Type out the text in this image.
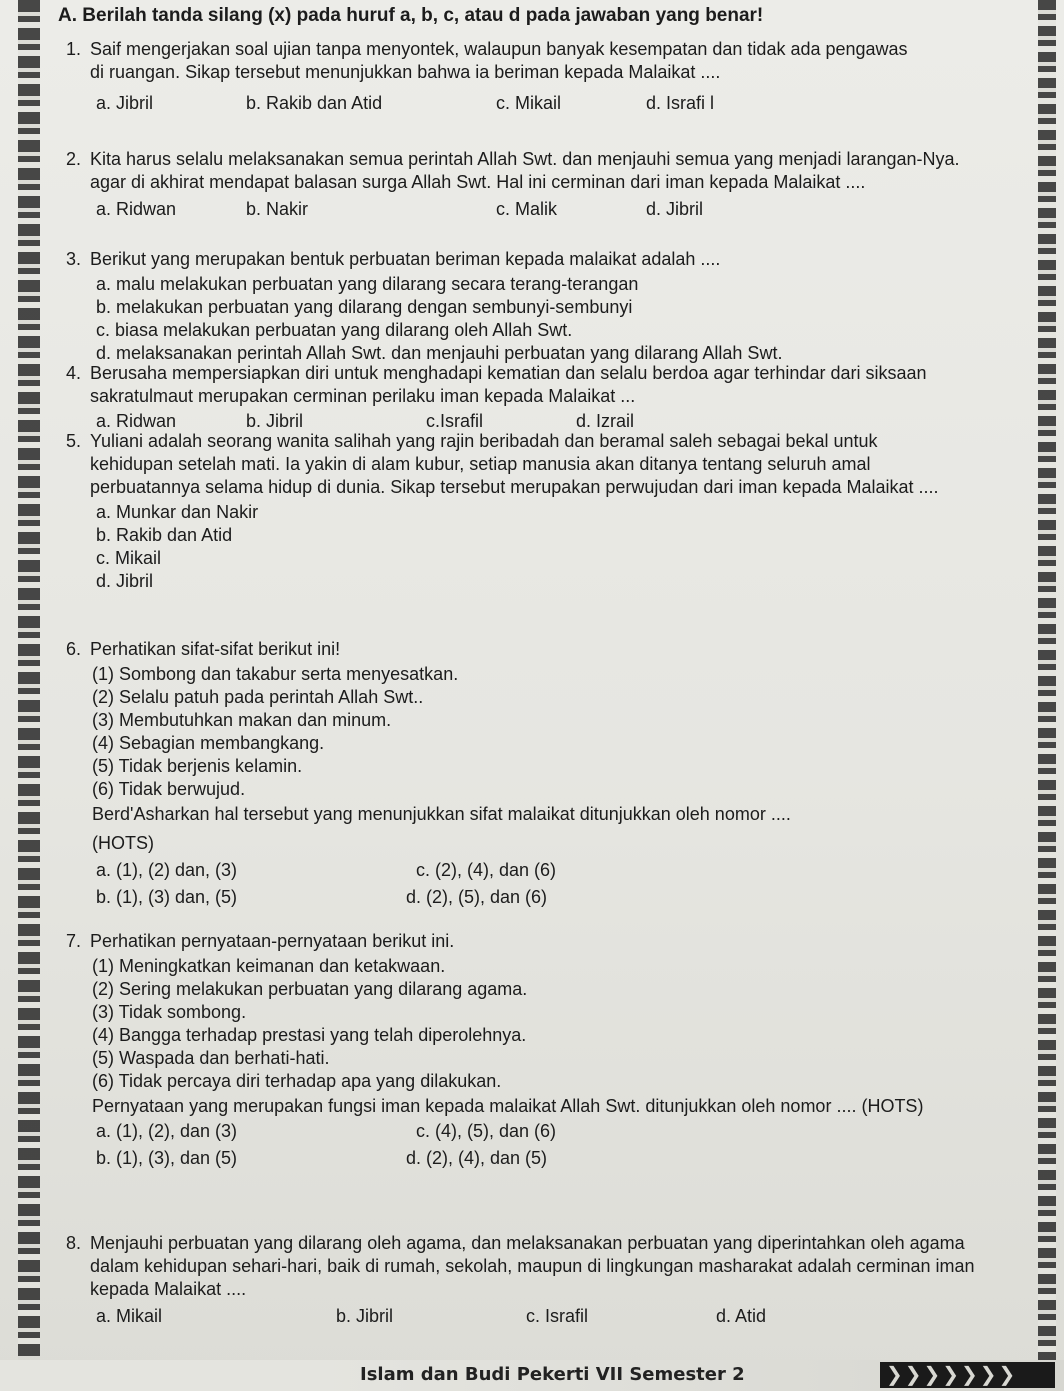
A. Berilah tanda silang (x) pada huruf a, b, c, atau d pada jawaban yang benar!
1. Saif mengerjakan soal ujian tanpa menyontek, walaupun banyak kesempatan dan tidak ada pengawas di ruangan. Sikap tersebut menunjukkan bahwa ia beriman kepada Malaikat ....
a. Jibril	b. Rakib dan Atid	c. Mikail	d. Israfi l
2. Kita harus selalu melaksanakan semua perintah Allah Swt. dan menjauhi semua yang menjadi larangan-Nya. agar di akhirat mendapat balasan surga Allah Swt. Hal ini cerminan dari iman kepada Malaikat ....
a. Ridwan	b. Nakir	c. Malik	d. Jibril
3. Berikut yang merupakan bentuk perbuatan beriman kepada malaikat adalah ....
a. malu melakukan perbuatan yang dilarang secara terang-terangan
b. melakukan perbuatan yang dilarang dengan sembunyi-sembunyi
c. biasa melakukan perbuatan yang dilarang oleh Allah Swt.
d. melaksanakan perintah Allah Swt. dan menjauhi perbuatan yang dilarang Allah Swt.
4. Berusaha mempersiapkan diri untuk menghadapi kematian dan selalu berdoa agar terhindar dari siksaan sakratulmaut merupakan cerminan perilaku iman kepada Malaikat ...
a. Ridwan	b. Jibril	c.Israfil	d. Izrail
5. Yuliani adalah seorang wanita salihah yang rajin beribadah dan beramal saleh sebagai bekal untuk kehidupan setelah mati. Ia yakin di alam kubur, setiap manusia akan ditanya tentang seluruh amal perbuatannya selama hidup di dunia. Sikap tersebut merupakan perwujudan dari iman kepada Malaikat ....
a. Munkar dan Nakir
b. Rakib dan Atid
c. Mikail
d. Jibril
6. Perhatikan sifat-sifat berikut ini!
(1) Sombong dan takabur serta menyesatkan.
(2) Selalu patuh pada perintah Allah Swt..
(3) Membutuhkan makan dan minum.
(4) Sebagian membangkang.
(5) Tidak berjenis kelamin.
(6) Tidak berwujud.
Berd'Asharkan hal tersebut yang menunjukkan sifat malaikat ditunjukkan oleh nomor ....
(HOTS)
a. (1), (2) dan, (3)	c. (2), (4), dan (6)
b. (1), (3) dan, (5)	d. (2), (5), dan (6)
7. Perhatikan pernyataan-pernyataan berikut ini.
(1) Meningkatkan keimanan dan ketakwaan.
(2) Sering melakukan perbuatan yang dilarang agama.
(3) Tidak sombong.
(4) Bangga terhadap prestasi yang telah diperolehnya.
(5) Waspada dan berhati-hati.
(6) Tidak percaya diri terhadap apa yang dilakukan.
Pernyataan yang merupakan fungsi iman kepada malaikat Allah Swt. ditunjukkan oleh nomor .... (HOTS)
a. (1), (2), dan (3)	c. (4), (5), dan (6)
b. (1), (3), dan (5)	d. (2), (4), dan (5)
8. Menjauhi perbuatan yang dilarang oleh agama, dan melaksanakan perbuatan yang diperintahkan oleh agama dalam kehidupan sehari-hari, baik di rumah, sekolah, maupun di lingkungan masharakat adalah cerminan iman kepada Malaikat ....
a. Mikail	b. Jibril	c. Israfil	d. Atid
Islam dan Budi Pekerti VII Semester 2	❯❯❯❯❯❯❯
